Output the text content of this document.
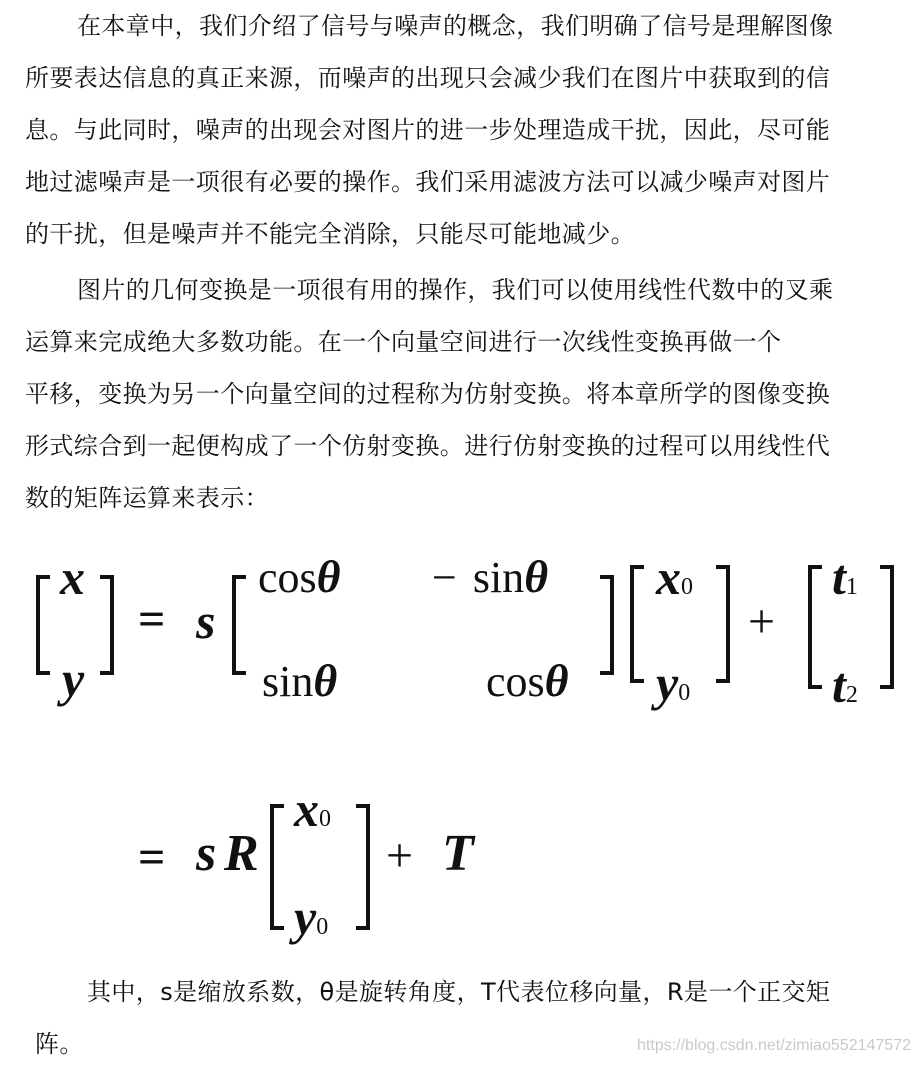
在本章中，我们介绍了信号与噪声的概念，我们明确了信号是理解图像
所要表达信息的真正来源，而噪声的出现只会减少我们在图片中获取到的信
息。与此同时，噪声的出现会对图片的进一步处理造成干扰，因此，尽可能
地过滤噪声是一项很有必要的操作。我们采用滤波方法可以减少噪声对图片
的干扰，但是噪声并不能完全消除，只能尽可能地减少。
图片的几何变换是一项很有用的操作，我们可以使用线性代数中的叉乘
运算来完成绝大多数功能。在一个向量空间进行一次线性变换再做一个
平移，变换为另一个向量空间的过程称为仿射变换。将本章所学的图像变换
形式综合到一起便构成了一个仿射变换。进行仿射变换的过程可以用线性代
数的矩阵运算来表示：
x
y
= s
cosθ − sinθ
sinθ	cosθ
x0
y0
+
t1
t2
= s R
x0
y0
+ T
其中，s是缩放系数，θ是旋转角度，T代表位移向量，R是一个正交矩
阵。	https://blog.csdn.net/zimiao552147572
